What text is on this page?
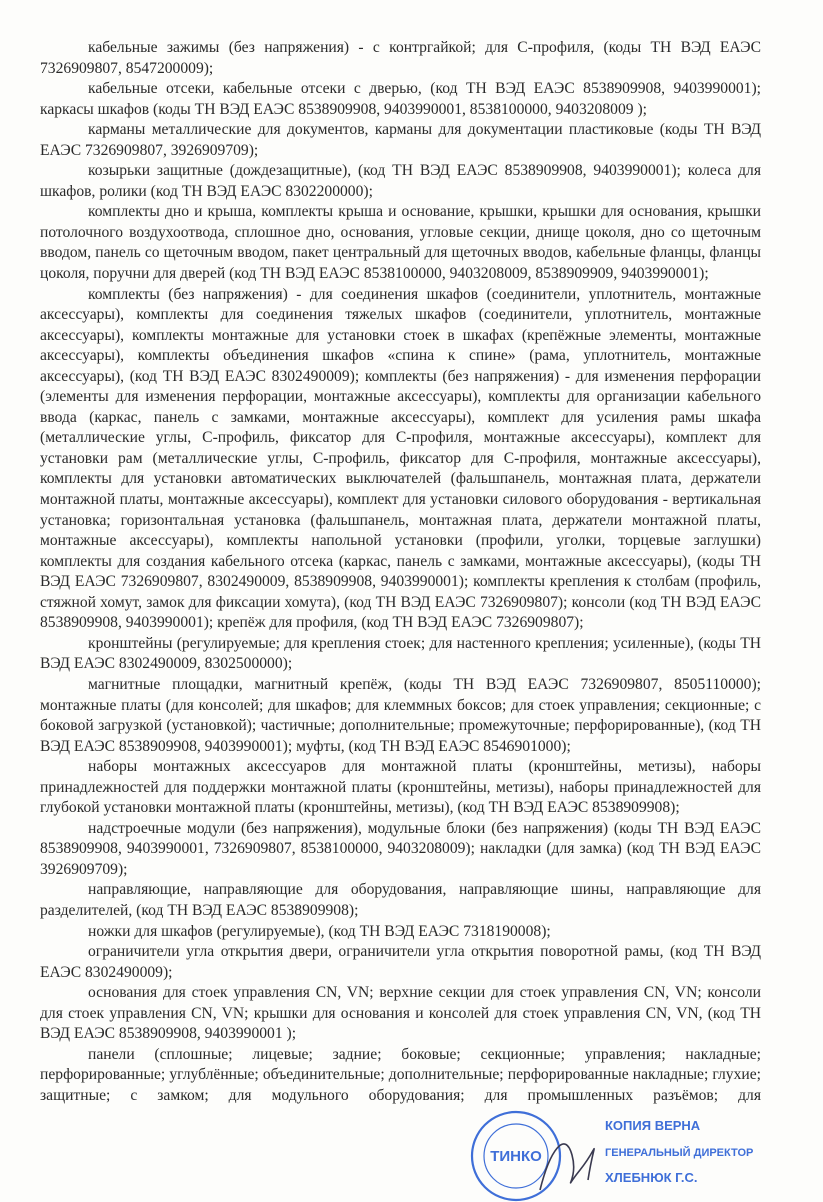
кабельные зажимы (без напряжения) - с контргайкой; для С-профиля, (коды ТН ВЭД ЕАЭС 7326909807, 8547200009);

кабельные отсеки, кабельные отсеки с дверью, (код ТН ВЭД ЕАЭС 8538909908, 9403990001); каркасы шкафов (коды ТН ВЭД ЕАЭС 8538909908, 9403990001, 8538100000, 9403208009 );

карманы металлические для документов, карманы для документации пластиковые (коды ТН ВЭД ЕАЭС 7326909807, 3926909709);

козырьки защитные (дождезащитные), (код ТН ВЭД ЕАЭС 8538909908, 9403990001); колеса для шкафов, ролики (код ТН ВЭД ЕАЭС 8302200000);

комплекты дно и крыша, комплекты крыша и основание, крышки, крышки для основания, крышки потолочного воздухоотвода, сплошное дно, основания, угловые секции, днище цоколя, дно со щеточным вводом, панель со щеточным вводом, пакет центральный для щеточных вводов, кабельные фланцы, фланцы цоколя, поручни для дверей (код ТН ВЭД ЕАЭС 8538100000, 9403208009, 8538909909, 9403990001);

комплекты (без напряжения) - для соединения шкафов (соединители, уплотнитель, монтажные аксессуары), комплекты для соединения тяжелых шкафов (соединители, уплотнитель, монтажные аксессуары), комплекты монтажные для установки стоек в шкафах (крепёжные элементы, монтажные аксессуары), комплекты объединения шкафов «спина к спине» (рама, уплотнитель, монтажные аксессуары), (код ТН ВЭД ЕАЭС 8302490009); комплекты (без напряжения) - для изменения перфорации (элементы для изменения перфорации, монтажные аксессуары), комплекты для организации кабельного ввода (каркас, панель с замками, монтажные аксессуары), комплект для усиления рамы шкафа (металлические углы, С-профиль, фиксатор для С-профиля, монтажные аксессуары), комплект для установки рам (металлические углы, С-профиль, фиксатор для С-профиля, монтажные аксессуары), комплекты для установки автоматических выключателей (фальшпанель, монтажная плата, держатели монтажной платы, монтажные аксессуары), комплект для установки силового оборудования - вертикальная установка; горизонтальная установка (фальшпанель, монтажная плата, держатели монтажной платы, монтажные аксессуары), комплекты напольной установки (профили, уголки, торцевые заглушки) комплекты для создания кабельного отсека (каркас, панель с замками, монтажные аксессуары), (коды ТН ВЭД ЕАЭС 7326909807, 8302490009, 8538909908, 9403990001); комплекты крепления к столбам (профиль, стяжной хомут, замок для фиксации хомута), (код ТН ВЭД ЕАЭС 7326909807); консоли (код ТН ВЭД ЕАЭС 8538909908, 9403990001); крепёж для профиля, (код ТН ВЭД ЕАЭС 7326909807);

кронштейны (регулируемые; для крепления стоек; для настенного крепления; усиленные), (коды ТН ВЭД ЕАЭС 8302490009, 8302500000);

магнитные площадки, магнитный крепёж, (коды ТН ВЭД ЕАЭС 7326909807, 8505110000); монтажные платы (для консолей; для шкафов; для клеммных боксов; для стоек управления; секционные; с боковой загрузкой (установкой); частичные; дополнительные; промежуточные; перфорированные), (код ТН ВЭД ЕАЭС 8538909908, 9403990001); муфты, (код ТН ВЭД ЕАЭС 8546901000);

наборы монтажных аксессуаров для монтажной платы (кронштейны, метизы), наборы принадлежностей для поддержки монтажной платы (кронштейны, метизы), наборы принадлежностей для глубокой установки монтажной платы (кронштейны, метизы), (код ТН ВЭД ЕАЭС 8538909908);

надстроечные модули (без напряжения), модульные блоки (без напряжения) (коды ТН ВЭД ЕАЭС 8538909908, 9403990001, 7326909807, 8538100000, 9403208009); накладки (для замка) (код ТН ВЭД ЕАЭС 3926909709);

направляющие, направляющие для оборудования, направляющие шины, направляющие для разделителей, (код ТН ВЭД ЕАЭС 8538909908);

ножки для шкафов (регулируемые), (код ТН ВЭД ЕАЭС 7318190008);

ограничители угла открытия двери, ограничители угла открытия поворотной рамы, (код ТН ВЭД ЕАЭС 8302490009);

основания для стоек управления CN, VN; верхние секции для стоек управления CN, VN; консоли для стоек управления CN, VN; крышки для основания и консолей для стоек управления CN, VN, (код ТН ВЭД ЕАЭС 8538909908, 9403990001 );

панели (сплошные; лицевые; задние; боковые; секционные; управления; накладные; перфорированные; углублённые; объединительные; дополнительные; перфорированные накладные; глухие; защитные; с замком; для модульного оборудования; для промышленных разъёмов; для

ТИНКО
КОПИЯ ВЕРНА
ГЕНЕРАЛЬНЫЙ ДИРЕКТОР
ХЛЕБНЮК Г.С.
